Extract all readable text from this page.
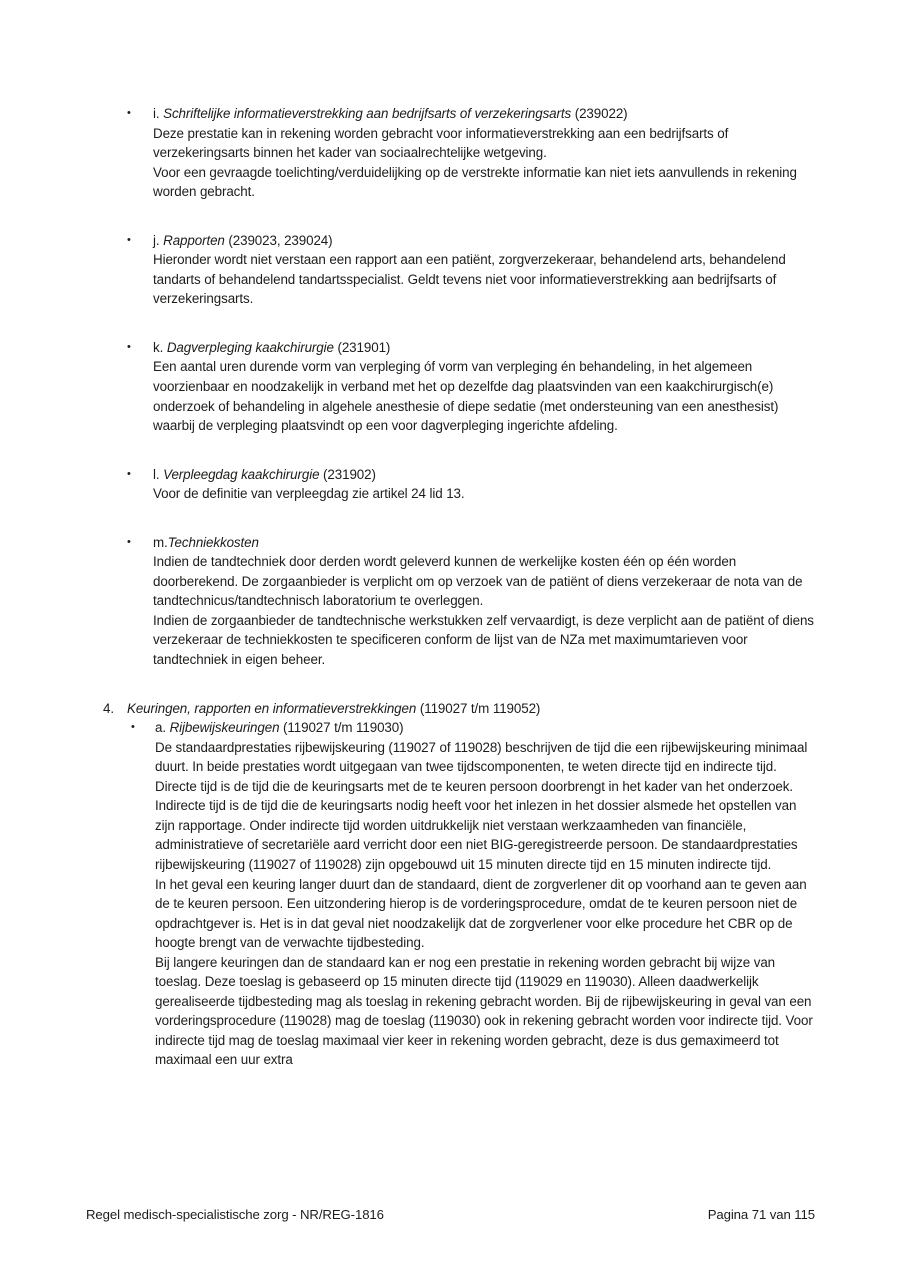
•	i. Schriftelijke informatieverstrekking aan bedrijfsarts of verzekeringsarts (239022)

Deze prestatie kan in rekening worden gebracht voor informatieverstrekking aan een bedrijfsarts of verzekeringsarts binnen het kader van sociaalrechtelijke wetgeving.

Voor een gevraagde toelichting/verduidelijking op de verstrekte informatie kan niet iets aanvullends in rekening worden gebracht.

•	j. Rapporten (239023, 239024)

Hieronder wordt niet verstaan een rapport aan een patiënt, zorgverzekeraar, behandelend arts, behandelend tandarts of behandelend tandartsspecialist. Geldt tevens niet voor informatieverstrekking aan bedrijfsarts of verzekeringsarts.

•	k. Dagverpleging kaakchirurgie (231901)

Een aantal uren durende vorm van verpleging óf vorm van verpleging én behandeling, in het algemeen voorzienbaar en noodzakelijk in verband met het op dezelfde dag plaatsvinden van een kaakchirurgisch(e) onderzoek of behandeling in algehele anesthesie of diepe sedatie (met ondersteuning van een anesthesist) waarbij de verpleging plaatsvindt op een voor dagverpleging ingerichte afdeling.

•	l. Verpleegdag kaakchirurgie (231902)

Voor de definitie van verpleegdag zie artikel 24 lid 13.

•	m.Techniekkosten

Indien de tandtechniek door derden wordt geleverd kunnen de werkelijke kosten één op één worden doorberekend. De zorgaanbieder is verplicht om op verzoek van de patiënt of diens verzekeraar de nota van de tandtechnicus/tandtechnisch laboratorium te overleggen.

Indien de zorgaanbieder de tandtechnische werkstukken zelf vervaardigt, is deze verplicht aan de patiënt of diens verzekeraar de techniekkosten te specificeren conform de lijst van de NZa met maximumtarieven voor tandtechniek in eigen beheer.

4. Keuringen, rapporten en informatieverstrekkingen (119027 t/m 119052)
•	a. Rijbewijskeuringen (119027 t/m 119030)

De standaardprestaties rijbewijskeuring (119027 of 119028) beschrijven de tijd die een rijbewijskeuring minimaal duurt. In beide prestaties wordt uitgegaan van twee tijdscomponenten, te weten directe tijd en indirecte tijd. Directe tijd is de tijd die de keuringsarts met de te keuren persoon doorbrengt in het kader van het onderzoek. Indirecte tijd is de tijd die de keuringsarts nodig heeft voor het inlezen in het dossier alsmede het opstellen van zijn rapportage. Onder indirecte tijd worden uitdrukkelijk niet verstaan werkzaamheden van financiële, administratieve of secretariële aard verricht door een niet BIG-geregistreerde persoon. De standaardprestaties rijbewijskeuring (119027 of 119028) zijn opgebouwd uit 15 minuten directe tijd en 15 minuten indirecte tijd.

In het geval een keuring langer duurt dan de standaard, dient de zorgverlener dit op voorhand aan te geven aan de te keuren persoon. Een uitzondering hierop is de vorderingsprocedure, omdat de te keuren persoon niet de opdrachtgever is. Het is in dat geval niet noodzakelijk dat de zorgverlener voor elke procedure het CBR op de hoogte brengt van de verwachte tijdbesteding.

Bij langere keuringen dan de standaard kan er nog een prestatie in rekening worden gebracht bij wijze van toeslag. Deze toeslag is gebaseerd op 15 minuten directe tijd (119029 en 119030). Alleen daadwerkelijk gerealiseerde tijdbesteding mag als toeslag in rekening gebracht worden. Bij de rijbewijskeuring in geval van een vorderingsprocedure (119028) mag de toeslag (119030) ook in rekening gebracht worden voor indirecte tijd. Voor indirecte tijd mag de toeslag maximaal vier keer in rekening worden gebracht, deze is dus gemaximeerd tot maximaal een uur extra

Regel medisch-specialistische zorg - NR/REG-1816	Pagina 71 van 115
